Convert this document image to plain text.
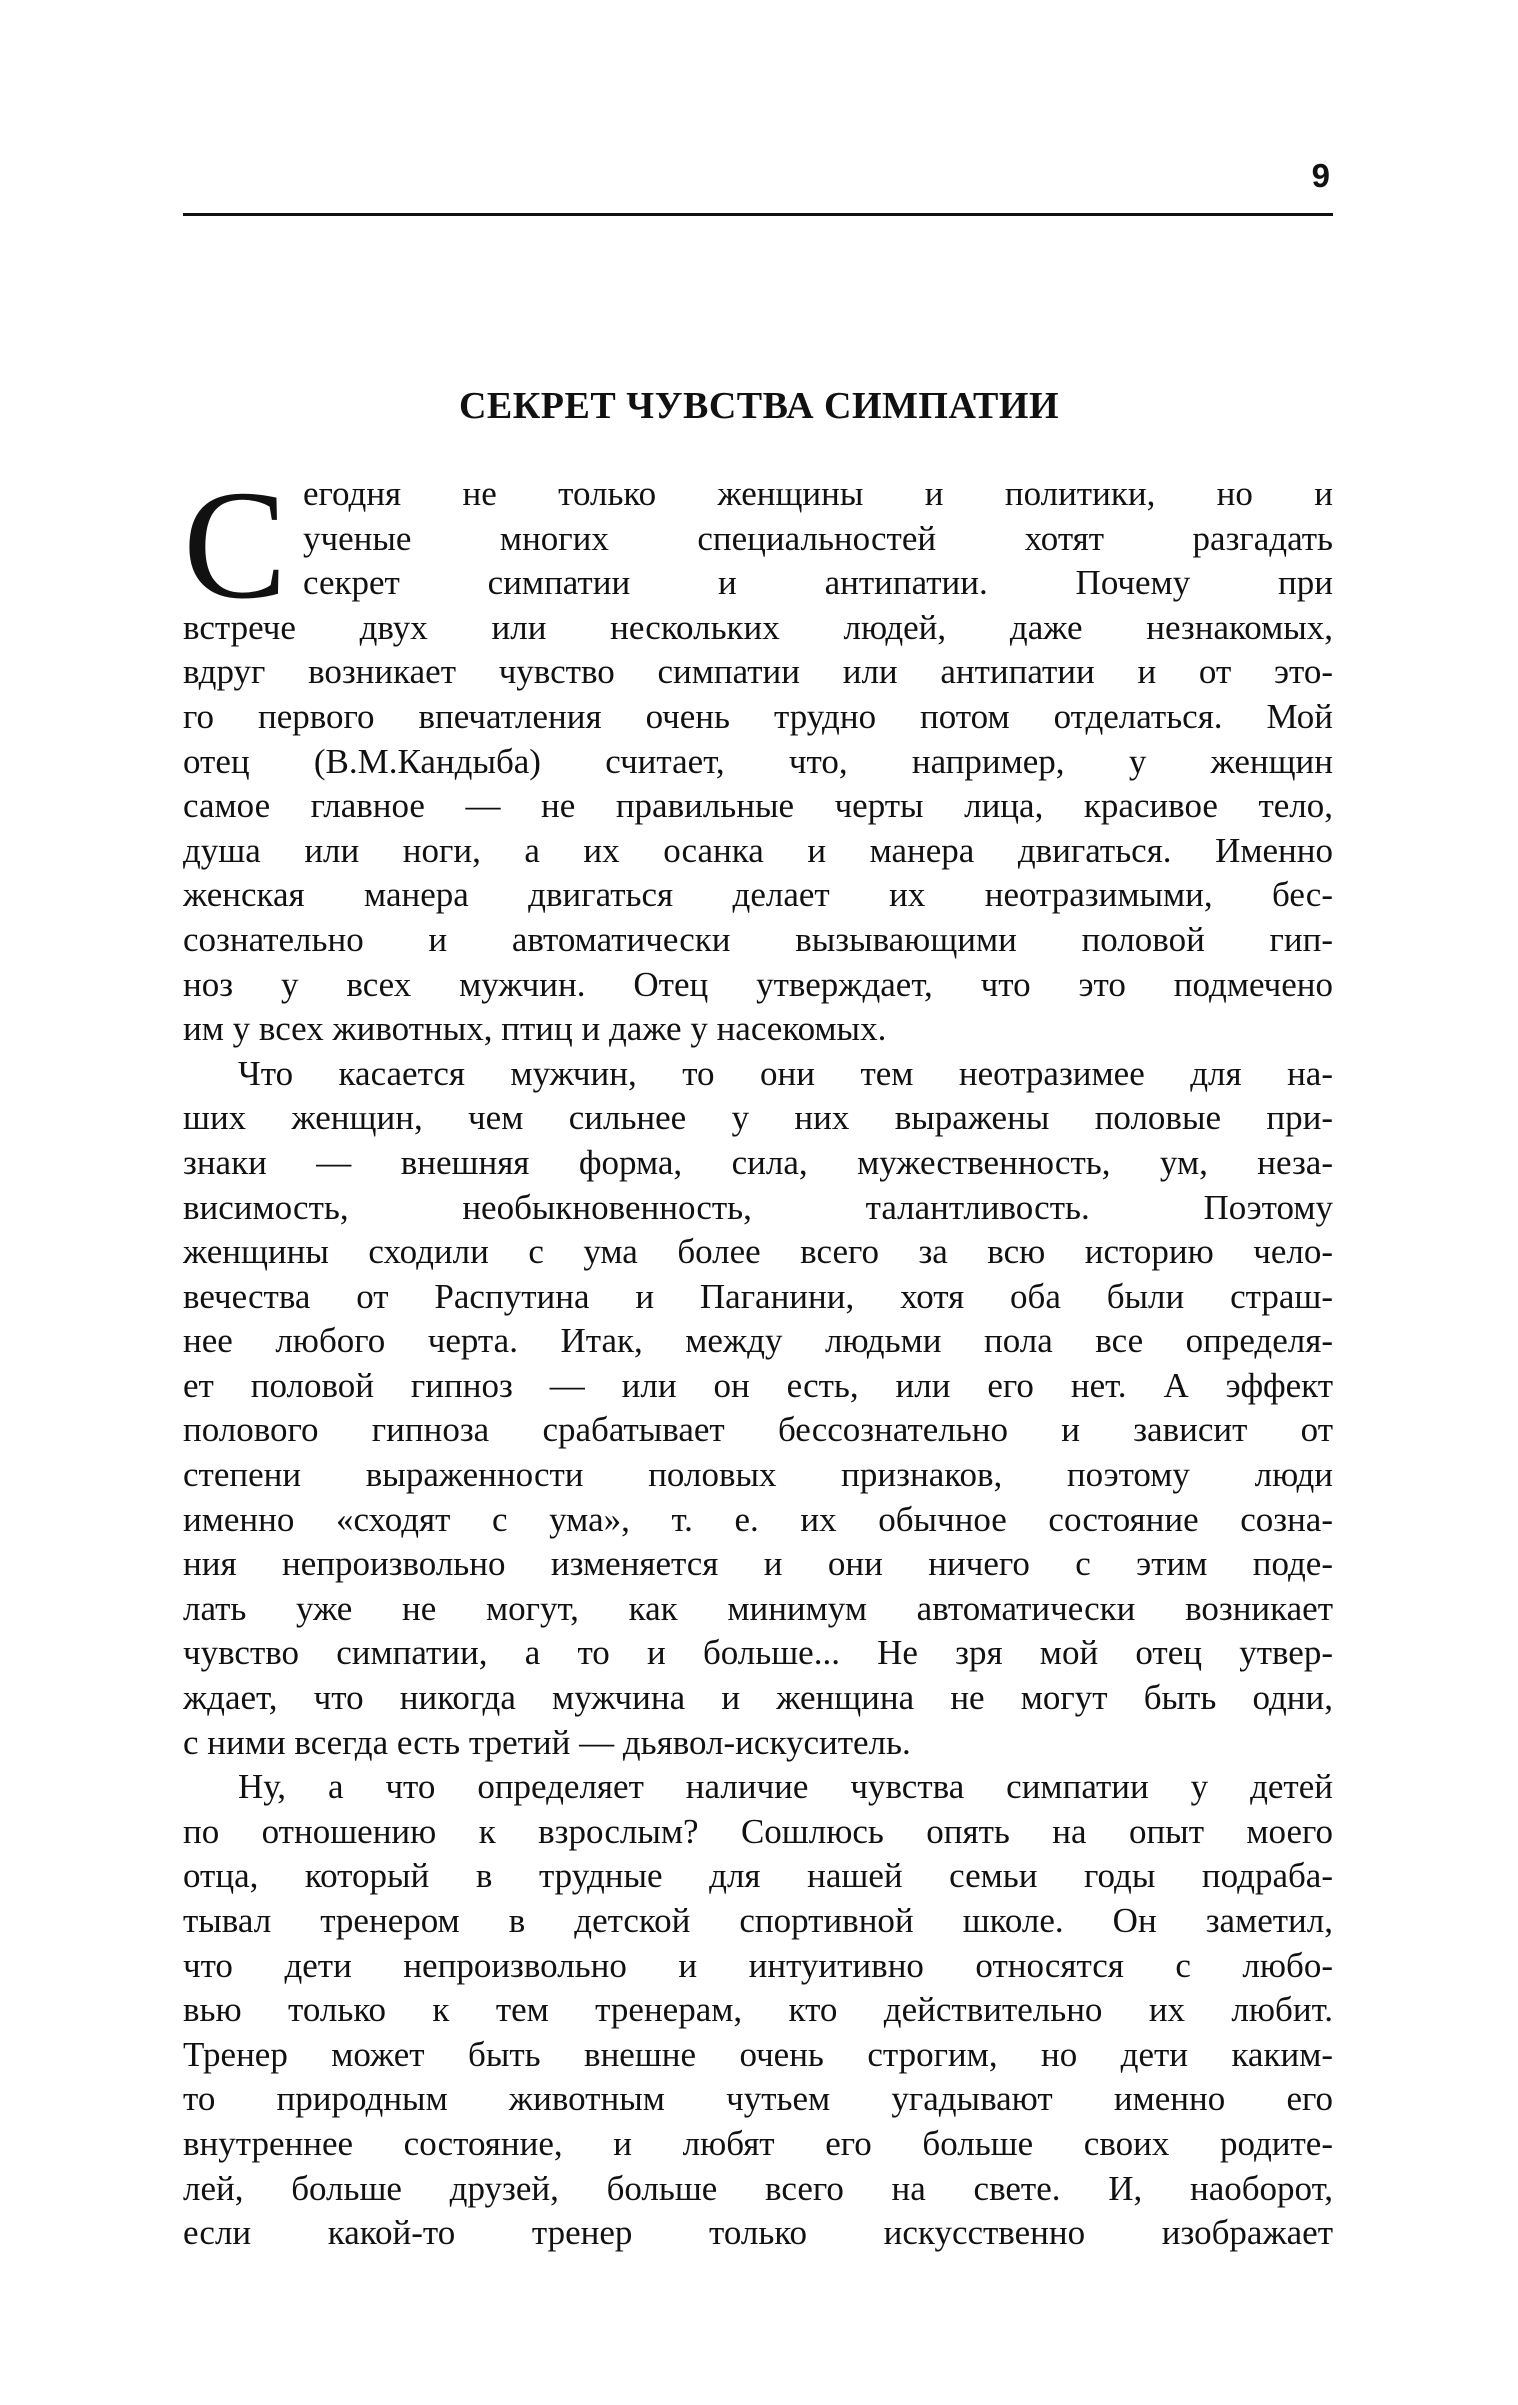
9
СЕКРЕТ ЧУВСТВА СИМПАТИИ
С егодня не только женщины и политики, но и
ученые многих специальностей хотят разгадать
секрет симпатии и антипатии. Почему при
встрече двух или нескольких людей, даже незнакомых,
вдруг возникает чувство симпатии или антипатии и от это-
го первого впечатления очень трудно потом отделаться. Мой
отец (В.М.Кандыба) считает, что, например, у женщин
самое главное — не правильные черты лица, красивое тело,
душа или ноги, а их осанка и манера двигаться. Именно
женская манера двигаться делает их неотразимыми, бес-
сознательно и автоматически вызывающими половой гип-
ноз у всех мужчин. Отец утверждает, что это подмечено
им у всех животных, птиц и даже у насекомых.
Что касается мужчин, то они тем неотразимее для на-
ших женщин, чем сильнее у них выражены половые при-
знаки — внешняя форма, сила, мужественность, ум, неза-
висимость, необыкновенность, талантливость. Поэтому
женщины сходили с ума более всего за всю историю чело-
вечества от Распутина и Паганини, хотя оба были страш-
нее любого черта. Итак, между людьми пола все определя-
ет половой гипноз — или он есть, или его нет. А эффект
полового гипноза срабатывает бессознательно и зависит от
степени выраженности половых признаков, поэтому люди
именно «сходят с ума», т. е. их обычное состояние созна-
ния непроизвольно изменяется и они ничего с этим поде-
лать уже не могут, как минимум автоматически возникает
чувство симпатии, а то и больше... Не зря мой отец утвер-
ждает, что никогда мужчина и женщина не могут быть одни,
с ними всегда есть третий — дьявол-искуситель.
Ну, а что определяет наличие чувства симпатии у детей
по отношению к взрослым? Сошлюсь опять на опыт моего
отца, который в трудные для нашей семьи годы подраба-
тывал тренером в детской спортивной школе. Он заметил,
что дети непроизвольно и интуитивно относятся с любо-
вью только к тем тренерам, кто действительно их любит.
Тренер может быть внешне очень строгим, но дети каким-
то природным животным чутьем угадывают именно его
внутреннее состояние, и любят его больше своих родите-
лей, больше друзей, больше всего на свете. И, наоборот,
если какой-то тренер только искусственно изображает
